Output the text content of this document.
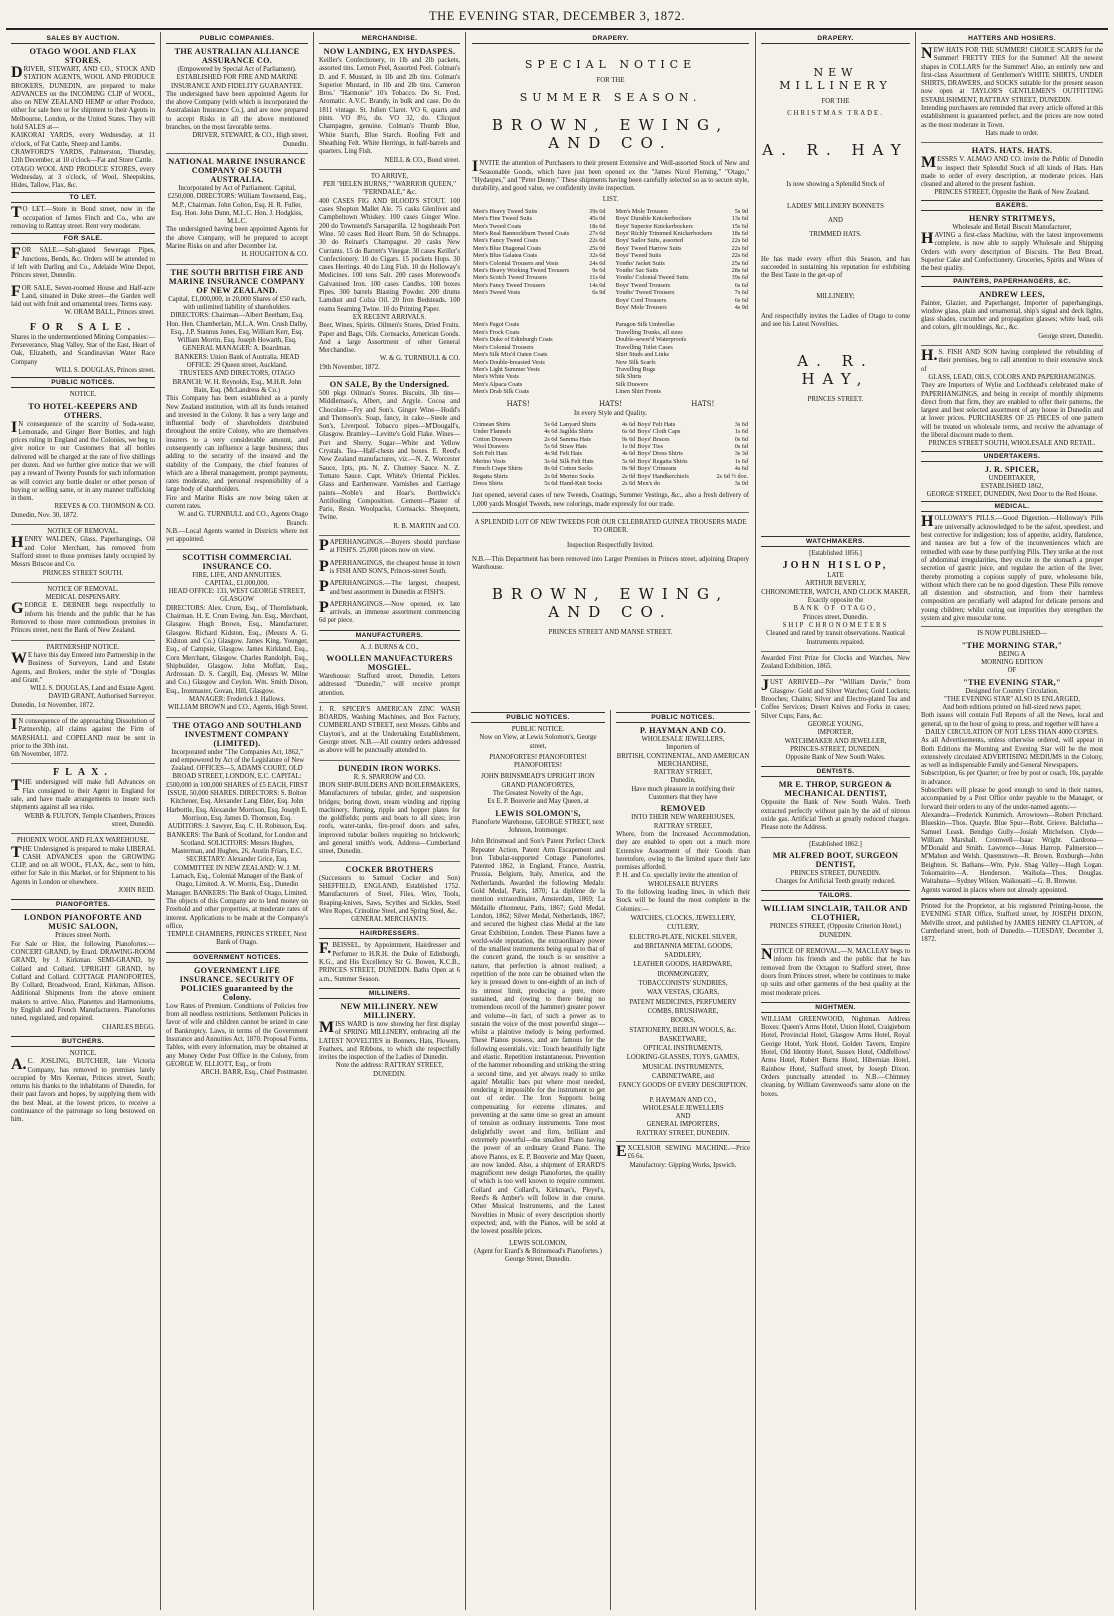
THE EVENING STAR, DECEMBER 3, 1872.
SALES BY AUCTION.
OTAGO WOOL AND FLAX STORES.
DRIVER, STEWART, AND CO., STOCK AND STATION AGENTS, WOOL AND PRODUCE BROKERS, DUNEDIN, are prepared to make ADVANCES on the INCOMING CLIP of WOOL, also on NEW ZEALAND HEMP or other Produce, either for sale here or for shipment to their Agents in Melbourne, London, or the United States. They will hold SALES at—
KAIKORAI YARDS, every Wednesday, at 11 o'clock, of Fat Cattle, Sheep and Lambs.
CRAWFORD'S YARDS, Palmerston, Thursday, 12th December, at 10 o'clock—Fat and Store Cattle.
OTAGO WOOL AND PRODUCE STORES, every Wednesday, at 3 o'clock, of Wool, Sheepskins, Hides, Tallow, Flax, &c.
TO LET.
TO LET.—Store in Bond street, now in the occupation of James Finch and Co., who are removing to Rattray street. Rent very moderate.
FOR SALE.
FOR SALE.—Salt-glazed Sewerage Pipes, Junctions, Bends, &c. Orders will be attended to if left with Darling and Co., Adelaide Wine Depot, Princes street, Dunedin.
FOR SALE, Seven-roomed House and Half-acre Land, situated in Duke street—the Garden well laid out with fruit and ornamental trees. Terms easy.
W. ORAM BALL, Princes street.
FOR SALE.
Shares in the undermentioned Mining Companies:— Perseverance, Shag Valley, Star of the East, Heart of Oak, Elizabeth, and Scandinavian Water Race Company
WILL S. DOUGLAS, Princes street.
PUBLIC NOTICES.
NOTICE.
TO HOTEL-KEEPERS AND OTHERS.
IN consequence of the scarcity of Soda-water, Lemonade, and Ginger Beer Bottles, and high prices ruling in England and the Colonies, we beg to give notice to our Customers that all bottles delivered will be charged at the rate of five shillings per dozen. And we further give notice that we will pay a reward of Twenty Pounds for such information as will convict any bottle dealer or other person of buying or selling same, or in any manner trafficking in them.
REEVES & CO. THOMSON & CO.
Dunedin, Nov. 30, 1872.
NOTICE OF REMOVAL.
HENRY WALDEN, Glass, Paperhangings, Oil and Color Merchant, has removed from Stafford street to those premises lately occupied by Messrs Briscoe and Co.
PRINCES STREET SOUTH.
NOTICE OF REMOVAL.
MEDICAL DISPENSARY.
GEORGE E. DEBNER begs respectfully to inform his friends and the public that he has Removed to those more commodious premises in Princes street, next the Bank of New Zealand.
PARTNERSHIP NOTICE.
WE have this day Entered into Partnership in the Business of Surveyors, Land and Estate Agents, and Brokers, under the style of "Douglas and Grant."
WILL S. DOUGLAS, Land and Estate Agent. DAVID GRANT, Authorised Surveyor.
Dunedin, 1st November, 1872.
IN consequence of the approaching Dissolution of Partnership, all claims against the Firm of MARSHALL and COPELAND must be sent in prior to the 30th inst.
6th November, 1872.
FLAX.
THE undersigned will make full Advances on Flax consigned to their Agent in England for sale, and have made arrangements to insure such shipments against all sea risks.
WEBB & FULTON, Temple Chambers, Princes street, Dunedin.
PHOENIX WOOL AND FLAX WAREHOUSE.
THE Undersigned is prepared to make LIBERAL CASH ADVANCES upon the GROWING CLIP, and on all WOOL, FLAX, &c., sent to him, either for Sale in this Market, or for Shipment to his Agents in London or elsewhere.
JOHN REID.
PIANOFORTES.
LONDON PIANOFORTE AND MUSIC SALOON,
Princes street North.
For Sale or Hire, the following Pianofortes:— CONCERT GRAND, by Erard. DRAWING-ROOM GRAND, by J. Kirkman. SEMI-GRAND, by Collard and Collard. UPRIGHT GRAND, by Collard and Collard. COTTAGE PIANOFORTES, By Collard, Broadwood, Erard, Kirkman, Allison. Additional Shipments from the above eminent makers to arrive. Also, Pianettes and Harmoniums, by English and French Manufacturers. Pianofortes tuned, regulated, and repaired.
CHARLES BEGG.
BUTCHERS.
NOTICE.
A.C. JOSLING, BUTCHER, late Victoria Company, has removed to premises lately occupied by Mrs Keenan, Princes street, South; returns his thanks to the inhabitants of Dunedin, for their past favors and hopes, by supplying them with the best Meat, at the lowest prices, to receive a continuance of the patronage so long bestowed on him.
PUBLIC COMPANIES.
THE AUSTRALIAN ALLIANCE ASSURANCE CO.
(Empowered by Special Act of Parliament). ESTABLISHED FOR FIRE AND MARINE INSURANCE AND FIDELITY GUARANTEE.
The undersigned have been appointed Agents for the above Company (with which is incorporated the Australasian Insurance Co.), and are now prepared to accept Risks in all the above mentioned branches, on the most favorable terms.
DRIVER, STEWART, & CO., High street, Dunedin.
NATIONAL MARINE INSURANCE COMPANY OF SOUTH AUSTRALIA.
Incorporated by Act of Parliament. Capital, £250,000. DIRECTORS: William Townsend, Esq., M.P., Chairman. John Colton, Esq. H. R. Fuller, Esq. Hon. John Dunn, M.L.C. Hon. J. Hodgkiss, M.L.C.
The undersigned having been appointed Agents for the above Company, will be prepared to accept Marine Risks on and after December 1st.
H. HOUGHTON & CO.
THE SOUTH BRITISH FIRE AND MARINE INSURANCE COMPANY OF NEW ZEALAND.
Capital, £1,000,000, in 20,000 Shares of £50 each, with unlimited liability of shareholders. DIRECTORS: Chairman—Albert Beetham, Esq. Hon. Hen. Chamberlain, M.L.A. Wm. Crush Dalby, Esq., J.P. Stannus Jones, Esq. William Kerr, Esq. William Morrin, Esq. Joseph Howarth, Esq. GENERAL MANAGER: A. Boardman. BANKERS: Union Bank of Australia. HEAD OFFICE: 29 Queen street, Auckland.
TRUSTEES AND DIRECTORS, OTAGO BRANCH: W. H. Reynolds, Esq., M.H.R. John Bain, Esq. (McLandress & Co.)
This Company has been established as a purely New Zealand institution, with all its funds retained and invested in the Colony. It has a very large and influential body of shareholders distributed throughout the entire Colony, who are themselves insurers to a very considerable amount, and consequently can influence a large business; thus adding to the security of the insured and the stability of the Company, the chief features of which are a liberal management, prompt payments, rates moderate, and personal responsibility of a large body of shareholders.
Fire and Marine Risks are now being taken at current rates.
W. and G. TURNBULL and CO., Agents Otago Branch.
N.B.—Local Agents wanted in Districts where not yet appointed.
SCOTTISH COMMERCIAL INSURANCE CO.
FIRE, LIFE, AND ANNUITIES.
CAPITAL, £1,000,000.
HEAD OFFICE: 133, WEST GEORGE STREET, GLASGOW
DIRECTORS: Alex. Crum, Esq., of Thornliebank, Chairman. H. E. Crum Ewing, Jun. Esq., Merchant, Glasgow. Hugh Brown, Esq., Manufacturer, Glasgow. Richard Kidston, Esq., (Messrs A. G. Kidston and Co.) Glasgow. James King, Younger, Esq., of Campsie, Glasgow. James Kirkland, Esq., Corn Merchant, Glasgow. Charles Randolph, Esq., Shipbuilder, Glasgow. John Moffatt, Esq., Ardrossan. D. S. Cargill, Esq. (Messrs W. Milne and Co.) Glasgow and Ceylon. Wm. Smith Dixon, Esq., Ironmaster, Govan, Hill, Glasgow.
MANAGER: Frederick J. Hallows.
WILLIAM BROWN and CO., Agents, High Street.
THE OTAGO AND SOUTHLAND INVESTMENT COMPANY (LIMITED).
Incorporated under "The Companies Act, 1862," and empowered by Act of the Legislature of New Zealand. OFFICES—5, ADAMS COURT, OLD BROAD STREET, LONDON, E.C. CAPITAL: £500,000 in 100,000 SHARES of £5 EACH, FIRST ISSUE, 50,000 SHARES. DIRECTORS: S. Bolton Kitchener, Esq. Alexander Lang Elder, Esq. John Harbottle, Esq. Alexander Morrison, Esq. Joseph E. Morrison, Esq. James D. Thomson, Esq. AUDITORS: J. Sawyer, Esq. C. H. Robinson, Esq. BANKERS: The Bank of Scotland, for London and Scotland. SOLICITORS: Messrs Hughes, Masterman, and Hughes, 26, Austin Friars, E.C. SECRETARY: Alexander Grice, Esq. COMMITTEE IN NEW ZEALAND: W. J. M. Larnach, Esq., Colonial Manager of the Bank of Otago, Limited. A. W. Morris, Esq., Dunedin Manager. BANKERS: The Bank of Otago, Limited.
The objects of this Company are to lend money on Freehold and other properties, at moderate rates of interest. Applications to be made at the Company's office,
TEMPLE CHAMBERS, PRINCES STREET, Next Bank of Otago.
GOVERNMENT NOTICES.
GOVERNMENT LIFE INSURANCE. SECURITY OF POLICIES guaranteed by the Colony.
Low Rates of Premium. Conditions of Policies free from all needless restrictions. Settlement Policies in favor of wife and children cannot be seized in case of Bankruptcy. Laws, in terms of the Government Insurance and Annuities Act, 1870. Proposal Forms, Tables, with every information, may be obtained at any Money Order Post Office in the Colony, from GEORGE W. ELLIOTT, Esq., or from
ARCH. BARR, Esq., Chief Postmaster.
MERCHANDISE.
NOW LANDING, EX HYDASPES.
Keiller's Confectionery, in 1lb and 2lb packets, assorted tins. Lemon Peel, Assorted Peel. Colman's D. and F. Mustard, in 1lb and 2lb tins. Colman's Superior Mustard, in 1lb and 2lb tins. Cameron Bros.' "Harmonie" 10's Tobacco. Do St. Fred, Aromatic. A.V.C. Brandy, in bulk and case. Do do 1811 vintage. St. Julien Claret. VO 6, quarts and pints. VO 8½, do. VO 32, do. Clicquot Champagne, genuine. Colman's Thumb Blue, White Starch, Blue Starch. Roofing Felt and Sheathing Felt. White Herrings, in half-barrels and quarters. Ling Fish.
NEILL & CO., Bond street.
TO ARRIVE,
PER "HELEN BURNS," "WARRIOR QUEEN," "FERNDALE," &c.
400 CASES FIG AND BLOOD'S STOUT. 100 cases Shopton Mallet Ale. 75 casks Glenlivet and Campbeltown Whiskey. 100 cases Ginger Wine. 200 do Townsend's Sarsaparilla. 12 hogsheads Port Wine. 50 cases Red Heart Rum. 50 do Schnapps. 30 do Reinart's Champagne. 20 casks New Currants. 15 do Barrett's Vinegar. 30 cases Keiller's Confectionery. 10 do Cigars. 15 pockets Hops. 30 cases Herrings. 40 do Ling Fish. 10 do Holloway's Medicines. 100 tons Salt. 200 cases Morewood's Galvanised Iron. 100 cases Candles. 100 boxes Pipes. 300 barrels Blasting Powder. 200 drums Lamdust and Colza Oil. 20 Iron Bedsteads. 100 reams Seaming Twine. 10 do Printing Paper.
EX RECENT ARRIVALS.
Beer, Wines, Spirits. Oilmen's Stores, Dried Fruits. Paper and Bags, Oils. Cornsacks, American Goods. And a large Assortment of other General Merchandise.
W. & G. TURNBULL & CO.
19th November, 1872.
ON SALE, By the Undersigned.
500 pkgs Oilman's Stores. Biscuits, 3lb tins—Middlemass's, Albert, and Argyle. Cocoa and Chocolate—Fry and Son's. Ginger Wine—Hodd's and Thomson's. Soap, fancy, in cake—Steele and Son's, Liverpool. Tobacco pipes—M'Dougall's, Glasgow. Bramley—Levitte's Gold Flake. Wines—Port and Sherry. Sugar—White and Yellow Crystals. Tea—Half-chests and boxes. E. Reed's New Zealand manufactures, viz.—N. Z. Worcester Sauce, 1pts, pts. N. Z. Chutney Sauce. N. Z. Tomato Sauce. Capt. White's Oriental Pickles. Glass and Earthenware. Varnishes and Carriage paints—Noble's and Hoar's. Borthwick's Antifouling Composition. Cement—Plaster of Paris, Resin. Woolpacks, Cornsacks. Sheepnets, Twine.
R. B. MARTIN and CO.
PAPERHANGINGS.—Buyers should purchase at FISH'S. 25,000 pieces now on view.
PAPERHANGINGS, the cheapest house in town is FISH AND SON'S, Princes-street South.
PAPERHANGINGS.—The largest, cheapest, and best assortment in Dunedin at FISH'S.
PAPERHANGINGS.—Now opened, ex late arrivals, an immense assortment commencing 6d per piece.
MANUFACTURERS.
A. J. BURNS & CO.,
WOOLLEN MANUFACTURERS MOSGIEL.
Warehouse: Stafford street, Dunedin. Letters addressed "Dunedin," will receive prompt attention.
J. R. SPICER'S AMERICAN ZINC WASH BOARDS, Washing Machines, and Box Factory, CUMBERLAND STREET, next Messrs. Gibbs and Clayton's, and at the Undertaking Establishment, George street. N.B.—All country orders addressed as above will be punctually attended to.
DUNEDIN IRON WORKS.
R. S. SPARROW and CO.
IRON SHIP-BUILDERS AND BOILERMAKERS, Manufacturers of tubular, girder, and suspension bridges; boring down, steam winding and ripping machinery, fluming, ripple and hopper plates for the goldfields; punts and boats to all sizes; iron roofs, water-tanks, fire-proof doors and safes, improved tubular boilers requiring no brickwork; and general smith's work. Address—Cumberland street, Dunedin.
COCKER BROTHERS
(Successors to Samuel Cocker and Son) SHEFFIELD, ENGLAND, Established 1752. Manufacturers of Steel, Files, Wire, Tools, Reaping-knives, Saws, Scythes and Sickles, Steel Wire Ropes, Crinoline Steel, and Spring Steel, &c.
GENERAL MERCHANTS.
HAIRDRESSERS.
F.BEISSEL, by Appointment, Hairdresser and Perfumer to H.R.H. the Duke of Edinburgh, K.G., and His Excellency Sir G. Bowen, K.C.B., PRINCES STREET, DUNEDIN. Baths Open at 6 a.m., Summer Season.
MILLINERS.
NEW MILLINERY. NEW MILLINERY.
MISS WARD is now showing her first display of SPRING MILLINERY, embracing all the LATEST NOVELTIES in Bonnets, Hats, Flowers, Feathers, and Ribbons, to which she respectfully invites the inspection of the Ladies of Dunedin.
Note the address: RATTRAY STREET, DUNEDIN.
DRAPERY.
SPECIAL NOTICE
FOR THE
SUMMER SEASON.
BROWN, EWING, AND CO.
INVITE the attention of Purchasers to their present Extensive and Well-assorted Stock of New and Seasonable Goods, which have just been opened ex the "James Nicol Fleming," "Otago," "Hydaspes," and "Peter Denny." These shipments having been carefully selected so as to secure style, durability, and good value, we confidently invite inspection.
LIST.
Men's Heavy Tweed Suits	39s 6d
Men's Fine Tweed Suits	45s 0d
Men's Tweed Coats	18s 6d
Men's Real Bannockburn Tweed Coats	27s 6d
Men's Fancy Tweed Coats	22s 6d
Men's Blue Diagonal Coats	25s 0d
Men's Blue Galatea Coats	32s 6d
Men's Colonial Trousers and Vests	24s 6d
Men's Heavy Working Tweed Trousers	9s 6d
Men's Scotch Tweed Trousers	11s 6d
Men's Fancy Tweed Trousers	14s 6d
Men's Tweed Vests	6s 9d
Men's Mole Trousers	5s 9d
Boys' Durable Knickerbockers	13s 6d
Boys' Superior Knickerbockers	15s 6d
Boys' Richly Trimmed Knickerbockers	18s 6d
Boys' Sailor Suits, assorted	22s 6d
Boys' Tweed Harrow Suits	22s 6d
Boys' Tweed Suits	22s 6d
Youths' Jacket Suits	25s 6d
Youths' Sac Suits	28s 6d
Youths' Colonial Tweed Suits	39s 6d
Boys' Tweed Trousers	6s 6d
Youths' Tweed Trousers	7s 6d
Boys' Cord Trousers	6s 6d
Boys' Mole Trousers	4s 9d
Men's Pagot Coats
Men's Frock Coats
Men's Duke of Edinburgh Coats
Men's Colonial Trousers
Men's Silk Mix'd Oaten Coats
Men's Double-breasted Vests
Men's Light Summer Vests
Men's White Vests
Men's Alpaca Coats
Men's Drab Silk Coats
Paragon Silk Umbrellas
Travelling Trunks, all sizes
Double-sewer'd Waterproofs
Travelling Toilet Cases
Shirt Studs and Links
New Silk Scarfs
Travelling Rugs
Silk Shirts
Silk Drawers
Linen Shirt Fronts
HATS!	HATS!	HATS!
In every Style and Quality.
Crimean Shirts	5s 6d	Lanyard Shirts	4s 6d	Boys' Felt Hats	3s 6d
Under Flannels	4s 6d	Jagilda Shirts	6s 6d	Boys' Cloth Caps	1s 6d
Cotton Drawers	2s 6d	Samma Hats	9s 6d	Boys' Braces	0s 6d
Wool Drawers	5s 6d	Straw Hats	1s 0d	Boys' Ties	0s 6d
Soft Felt Hats	4s 9d	Felt Hats	4s 6d	Boys' Dress Shirts	3s 3d
Merino Vests	3s 6d	Silk Felt Hats	5s 6d	Boys' Regatta Shirts	1s 6d
French Crape Shirts	8s 6d	Cotton Socks	0s 9d	Boys' Crimeans	4s 6d
Regatta Shirts	2s 6d	Merino Socks	2s 0d	Boys' Handkerchiefs	2s 6d ½ doz.
Dress Shirts	5s 6d	Hand-Knit Socks	2s 6d	Men's do	3s 0d
Just opened, several cases of new Tweeds, Coatings, Summer Vestings, &c., also a fresh delivery of 1,000 yards Mosgiel Tweeds, new colorings, made expressly for our trade.
A SPLENDID LOT OF NEW TWEEDS FOR OUR CELEBRATED GUINEA TROUSERS MADE TO ORDER.
Inspection Respectfully Invited.
N.B.—This Department has been removed into Larger Premises in Princes street, adjoining Drapery Warehouse.
BROWN, EWING, AND CO.
PRINCES STREET AND MANSE STREET.
PUBLIC NOTICES.
PUBLIC NOTICE.
Now on View, at Lewis Solomon's, George street,
PIANOFORTES! PIANOFORTES! PIANOFORTES!
JOHN BRINSMEAD'S UPRIGHT IRON GRAND PIANOFORTES,
The Greatest Novelty of the Age,
Ex E. P. Bouverie and May Queen, at
LEWIS SOLOMON'S,
Pianoforte Warehouse, GEORGE STREET, next Johnson, Ironmonger.
John Brinsmead and Son's Patent Perfect Check Repeater Action, Patent Arm Escapement and Iron Tubular-supported Cottage Pianofortes, Patented 1862, in England, France, Austria, Prussia, Belgium, Italy, America, and the Netherlands. Awarded the following Medals: Gold Medal, Paris, 1870; La diplôme de la mention extraordinaire, Amsterdam, 1869; La Médaille d'honneur, Paris, 1867; Gold Medal, London, 1862; Silver Medal, Netherlands, 1867; and secured the highest class Medal at the late Great Exhibition, London. These Pianos have a world-wide reputation, the extraordinary power of the smallest instruments being equal to that of the concert grand, the touch is so sensitive a nature, that perfection is almost realised; a repetition of the note can be obtained when the key is pressed down to one-eighth of an inch of its utmost limit, producing a pure, more sustained, and (owing to there being no tremendous recoil of the hammer) greater power and volume—in fact, of such a power as to sustain the voice of the most powerful singer—whilst a plaintive melody is being performed. These Pianos possess, and are famous for the following essentials, viz.: Touch beautifully light and elastic. Repetition instantaneous. Prevention of the hammer rebounding and striking the string a second time, and yet always ready to strike again! Metallic bars put where most needed, rendering it impossible for the instrument to get out of order. The Iron Supports being compensating for extreme climates, and preventing at the same time so great an amount of tension as ordinary instruments. Tone most delightfully sweet and firm, brilliant and extremely powerful—the smallest Piano having the power of an ordinary Grand Piano. The above Pianos, ex E. P. Bouverie and May Queen, are now landed. Also, a shipment of ERARD'S magnificent new design Pianofortes, the quality of which is too well known to require comment. Collard and Collard's, Kirkman's, Pleyel's, Reed's & Amber's will follow in due course. Other Musical Instruments, and the Latest Novelties in Music of every description shortly expected; and, with the Pianos, will be sold at the lowest possible prices.
LEWIS SOLOMON,
(Agent for Erard's & Brinsmead's Pianofortes.) George Street, Dunedin.
PUBLIC NOTICES.
P. HAYMAN AND CO.
WHOLESALE JEWELLERS,
Importers of
BRITISH, CONTINENTAL, AND AMERICAN MERCHANDISE,
RATTRAY STREET,
Dunedin,
Have much pleasure in notifying their Customers that they have
REMOVED
INTO THEIR NEW WAREHOUSES,
RATTRAY STREET,
Where, from the Increased Accommodation, they are enabled to open out a much more Extensive Assortment of their Goods than heretofore, owing to the limited space their late premises afforded.
P. H. and Co. specially invite the attention of
WHOLESALE BUYERS
To the following leading lines, in which their Stock will be found the most complete in the Colonies:—
WATCHES, CLOCKS, JEWELLERY,
CUTLERY,
ELECTRO-PLATE, NICKEL SILVER,
and BRITANNIA METAL GOODS,
SADDLERY,
LEATHER GOODS, HARDWARE,
IRONMONGERY,
TOBACCONISTS' SUNDRIES,
WAX VESTAS, CIGARS,
PATENT MEDICINES, PERFUMERY
COMBS, BRUSHWARE,
BOOKS,
STATIONERY, BERLIN WOOLS, &c.
BASKETWARE,
OPTICAL INSTRUMENTS,
LOOKING-GLASSES, TOYS, GAMES,
MUSICAL INSTRUMENTS,
CABINETWARE, and
FANCY GOODS OF EVERY DESCRIPTION.
P. HAYMAN AND CO.,
WHOLESALE JEWELLERS
AND
GENERAL IMPORTERS,
RATTRAY STREET, DUNEDIN.
EXCELSIOR SEWING MACHINE.—Price £6 6s.
Manufactory: Gipping Works, Ipswich.
DRAPERY.
NEW MILLINERY
FOR THE
CHRISTMAS TRADE.
A. R. HAY
Is now showing a Splendid Stock of
LADIES' MILLINERY BONNETS
AND
TRIMMED HATS.
He has made every effort this Season, and has succeeded in sustaining his reputation for exhibiting the Best Taste in the get-up of
MILLINERY;
And respectfully invites the Ladies of Otago to come and see his Latest Novelties.
A. R. HAY,
PRINCES STREET.
WATCHMAKERS.
[Established 1856.]
JOHN HISLOP,
LATE
ARTHUR BEVERLY,
CHRONOMETER, WATCH, AND CLOCK MAKER,
Exactly opposite the
BANK OF OTAGO,
Princes street, Dunedin.
SHIP CHRONOMETERS
Cleaned and rated by transit observations. Nautical Instruments repaired.
Awarded First Prize for Clocks and Watches, New Zealand Exhibition, 1865.
JUST ARRIVED—Per "William Davie," from Glasgow: Gold and Silver Watches; Gold Lockets; Brooches; Chains; Silver and Electro-plated Tea and Coffee Services; Desert Knives and Forks in cases; Silver Cups; Fans, &c.
GEORGE YOUNG,
IMPORTER,
WATCHMAKER AND JEWELLER,
PRINCES-STREET, DUNEDIN.
Opposite Bank of New South Wales.
DENTISTS.
MR E. THROP, SURGEON & MECHANICAL DENTIST,
Opposite the Bank of New South Wales. Teeth extracted perfectly without pain by the aid of nitrous oxide gas. Artificial Teeth at greatly reduced charges. Please note the Address.
[Established 1862.]
MR ALFRED BOOT, SURGEON DENTIST,
PRINCES STREET, DUNEDIN.
Charges for Artificial Teeth greatly reduced.
TAILORS.
WILLIAM SINCLAIR, TAILOR AND CLOTHIER,
PRINCES STREET, (Opposite Criterion Hotel,) DUNEDIN.
NOTICE OF REMOVAL.—N. MACLEAY begs to inform his friends and the public that he has removed from the Octagon to Stafford street, three doors from Princes street, where he continues to make up suits and other garments of the best quality at the most moderate prices.
NIGHTMEN.
WILLIAM GREENWOOD, Nightman. Address Boxes: Queen's Arms Hotel, Union Hotel, Craigieburn Hotel, Provincial Hotel, Glasgow Arms Hotel, Royal George Hotel, York Hotel, Golden Tavern, Empire Hotel, Old Identity Hotel, Sussex Hotel, Oddfellows' Arms Hotel, Robert Burns Hotel, Hibernian Hotel, Rainbow Hotel, Stafford street, by Joseph Dixon. Orders punctually attended to. N.B.—Chimney cleaning, by William Greenwood's same alone on the boxes.
HATTERS AND HOSIERS.
NEW HATS FOR THE SUMMER! CHOICE SCARFS for the Summer! FRETTY TIES for the Summer! All the newest shapes in COLLARS for the Summer! Also, an entirely new and first-class Assortment of Gentlemen's WHITE SHIRTS, UNDER SHIRTS, DRAWERS, and SOCKS suitable for the present season now open at TAYLOR'S GENTLEMEN'S OUTFITTING ESTABLISHMENT, RATTRAY STREET, DUNEDIN.
Intending purchasers are reminded that every article offered at this establishment is guaranteed perfect, and the prices are now noted as the most moderate in Town.
Hats made to order.
HATS. HATS. HATS.
MESSRS V. ALMAO AND CO. invite the Public of Dunedin to inspect their Splendid Stock of all kinds of Hats. Hats made to order of every description, at moderate prices. Hats cleaned and altered to the present fashion.
PRINCES STREET, Opposite the Bank of New Zealand.
BAKERS.
HENRY STRITMEYS,
Wholesale and Retail Biscuit Manufacturer,
HAVING a first-class Machine, with the latest improvements complete, is now able to supply Wholesale and Shipping Orders with every description of Biscuits. The Best Bread, Superior Cake and Confectionery. Groceries, Spirits and Wines of the best quality.
PAINTERS, PAPERHANGERS, &C.
ANDREW LEES,
Painter, Glazier, and Paperhanger, Importer of paperhangings, window glass, plain and ornamental, ship's signal and deck lights, glass shades, cucumber and propagation glasses; white lead, oils and colors, gilt mouldings, &c., &c.
George street, Dunedin.
H.S. FISH AND SON having completed the rebuilding of their premises, beg to call attention to their extensive stock of
GLASS, LEAD, OILS, COLORS AND PAPERHANGINGS.
They are Importers of Wylie and Lochhead's celebrated make of PAPERHANGINGS, and being in receipt of monthly shipments direct from that firm, they are enabled to offer their patterns, the largest and best selected assortment of any house in Dunedin and at lower prices. PURCHASERS OF 25 PIECES of one pattern will be treated on wholesale terms, and receive the advantage of the liberal discount made to them.
PRINCES STREET SOUTH, WHOLESALE AND RETAIL.
UNDERTAKERS.
J. R. SPICER,
UNDERTAKER,
ESTABLISHED 1862,
GEORGE STREET, DUNEDIN, Next Door to the Red House.
MEDICAL.
HOLLOWAY'S PILLS.—Good Digestion.—Holloway's Pills are universally acknowledged to be the safest, speediest, and best corrective for indigestion; loss of appetite, acidity, flatulence, and nausea are but a few of the inconveniences which are remedied with ease by these purifying Pills. They strike at the root of abdominal irregularities, they excite in the stomach a proper secretion of gastric juice, and regulate the action of the liver, thereby promoting a copious supply of pure, wholesome bile, without which there can be no good digestion. These Pills remove all distention and obstruction, and from their harmless composition are peculiarly well adapted for delicate persons and young children; whilst curing out impurities they strengthen the system and give muscular tone.
IS NOW PUBLISHED—
"THE MORNING STAR,"
BEING A
MORNING EDITION
OF
"THE EVENING STAR,"
Designed for Country Circulation.
"THE EVENING STAR" ALSO IS ENLARGED,
And both editions printed on full-sized news paper.
Both issues will contain Full Reports of all the News, local and general, up to the hour of going to press, and together will have a
DAILY CIRCULATION OF NOT LESS THAN 4000 COPIES.
As all Advertisements, unless otherwise ordered, will appear in Both Editions the Morning and Evening Star will be the most extensively circulated ADVERTISING MEDIUMS in the Colony, as well as indispensable Family and General Newspapers.
Subscription, 6s per Quarter; or free by post or coach, 10s, payable in advance.
Subscribers will please be good enough to send in their names, accompanied by a Post Office order payable to the Manager, or forward their orders to any of the under-named agents:—
Alexandra—Frederick Kummich. Arrowtown—Robert Pritchard. Blueskin—Thos. Quayle. Blue Spur—Robt. Grieve. Balclutha—Samuel Leask. Bendigo Gully—Josiah Mitchelson. Clyde—William Marshall. Cromwell—Isaac Wright. Cardrona—M'Donald and Smith. Lawrence—Jonas Harrop. Palmerston—M'Mahon and Welsh. Queenstown—R. Brown. Roxburgh—John Beighton. St. Bathans—Wm. Pyle. Shag Valley—Hugh Logan. Tokomairiro—A. Henderson. Waihola—Thos. Douglas. Waitahuna—Sydney Wilson. Waikouaiti—G. B. Browne.
Agents wanted in places where not already appointed.
Printed for the Proprietor, at his registered Printing-house, the EVENING STAR Office, Stafford street, by JOSEPH DIXON, Melville street, and published by JAMES HENRY CLAPTON, of Cumberland street, both of Dunedin.—TUESDAY, December 3, 1872.
